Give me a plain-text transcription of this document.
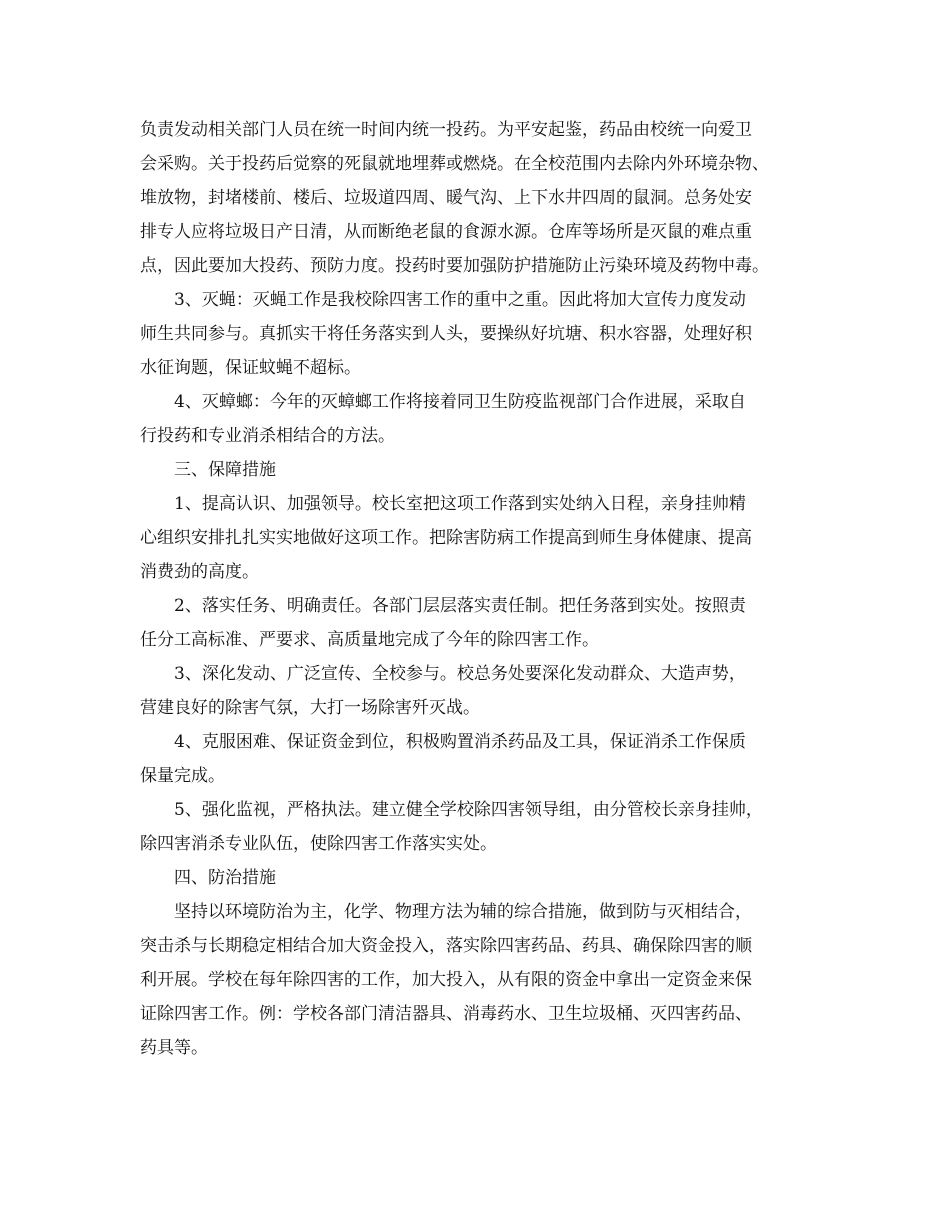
负责发动相关部门人员在统一时间内统一投药。为平安起鉴，药品由校统一向爱卫
会采购。关于投药后觉察的死鼠就地埋葬或燃烧。在全校范围内去除内外环境杂物、
堆放物，封堵楼前、楼后、垃圾道四周、暖气沟、上下水井四周的鼠洞。总务处安
排专人应将垃圾日产日清，从而断绝老鼠的食源水源。仓库等场所是灭鼠的难点重
点，因此要加大投药、预防力度。投药时要加强防护措施防止污染环境及药物中毒。
3、灭蝇：灭蝇工作是我校除四害工作的重中之重。因此将加大宣传力度发动
师生共同参与。真抓实干将任务落实到人头，要操纵好坑塘、积水容器，处理好积
水征询题，保证蚊蝇不超标。
4、灭蟑螂：今年的灭蟑螂工作将接着同卫生防疫监视部门合作进展，采取自
行投药和专业消杀相结合的方法。
三、保障措施
1、提高认识、加强领导。校长室把这项工作落到实处纳入日程，亲身挂帅精
心组织安排扎扎实实地做好这项工作。把除害防病工作提高到师生身体健康、提高
消费劲的高度。
2、落实任务、明确责任。各部门层层落实责任制。把任务落到实处。按照责
任分工高标准、严要求、高质量地完成了今年的除四害工作。
3、深化发动、广泛宣传、全校参与。校总务处要深化发动群众、大造声势，
营建良好的除害气氛，大打一场除害歼灭战。
4、克服困难、保证资金到位，积极购置消杀药品及工具，保证消杀工作保质
保量完成。
5、强化监视，严格执法。建立健全学校除四害领导组，由分管校长亲身挂帅，
除四害消杀专业队伍，使除四害工作落实实处。
四、防治措施
坚持以环境防治为主，化学、物理方法为辅的综合措施，做到防与灭相结合，
突击杀与长期稳定相结合加大资金投入，落实除四害药品、药具、确保除四害的顺
利开展。学校在每年除四害的工作，加大投入，从有限的资金中拿出一定资金来保
证除四害工作。例：学校各部门清洁器具、消毒药水、卫生垃圾桶、灭四害药品、
药具等。
